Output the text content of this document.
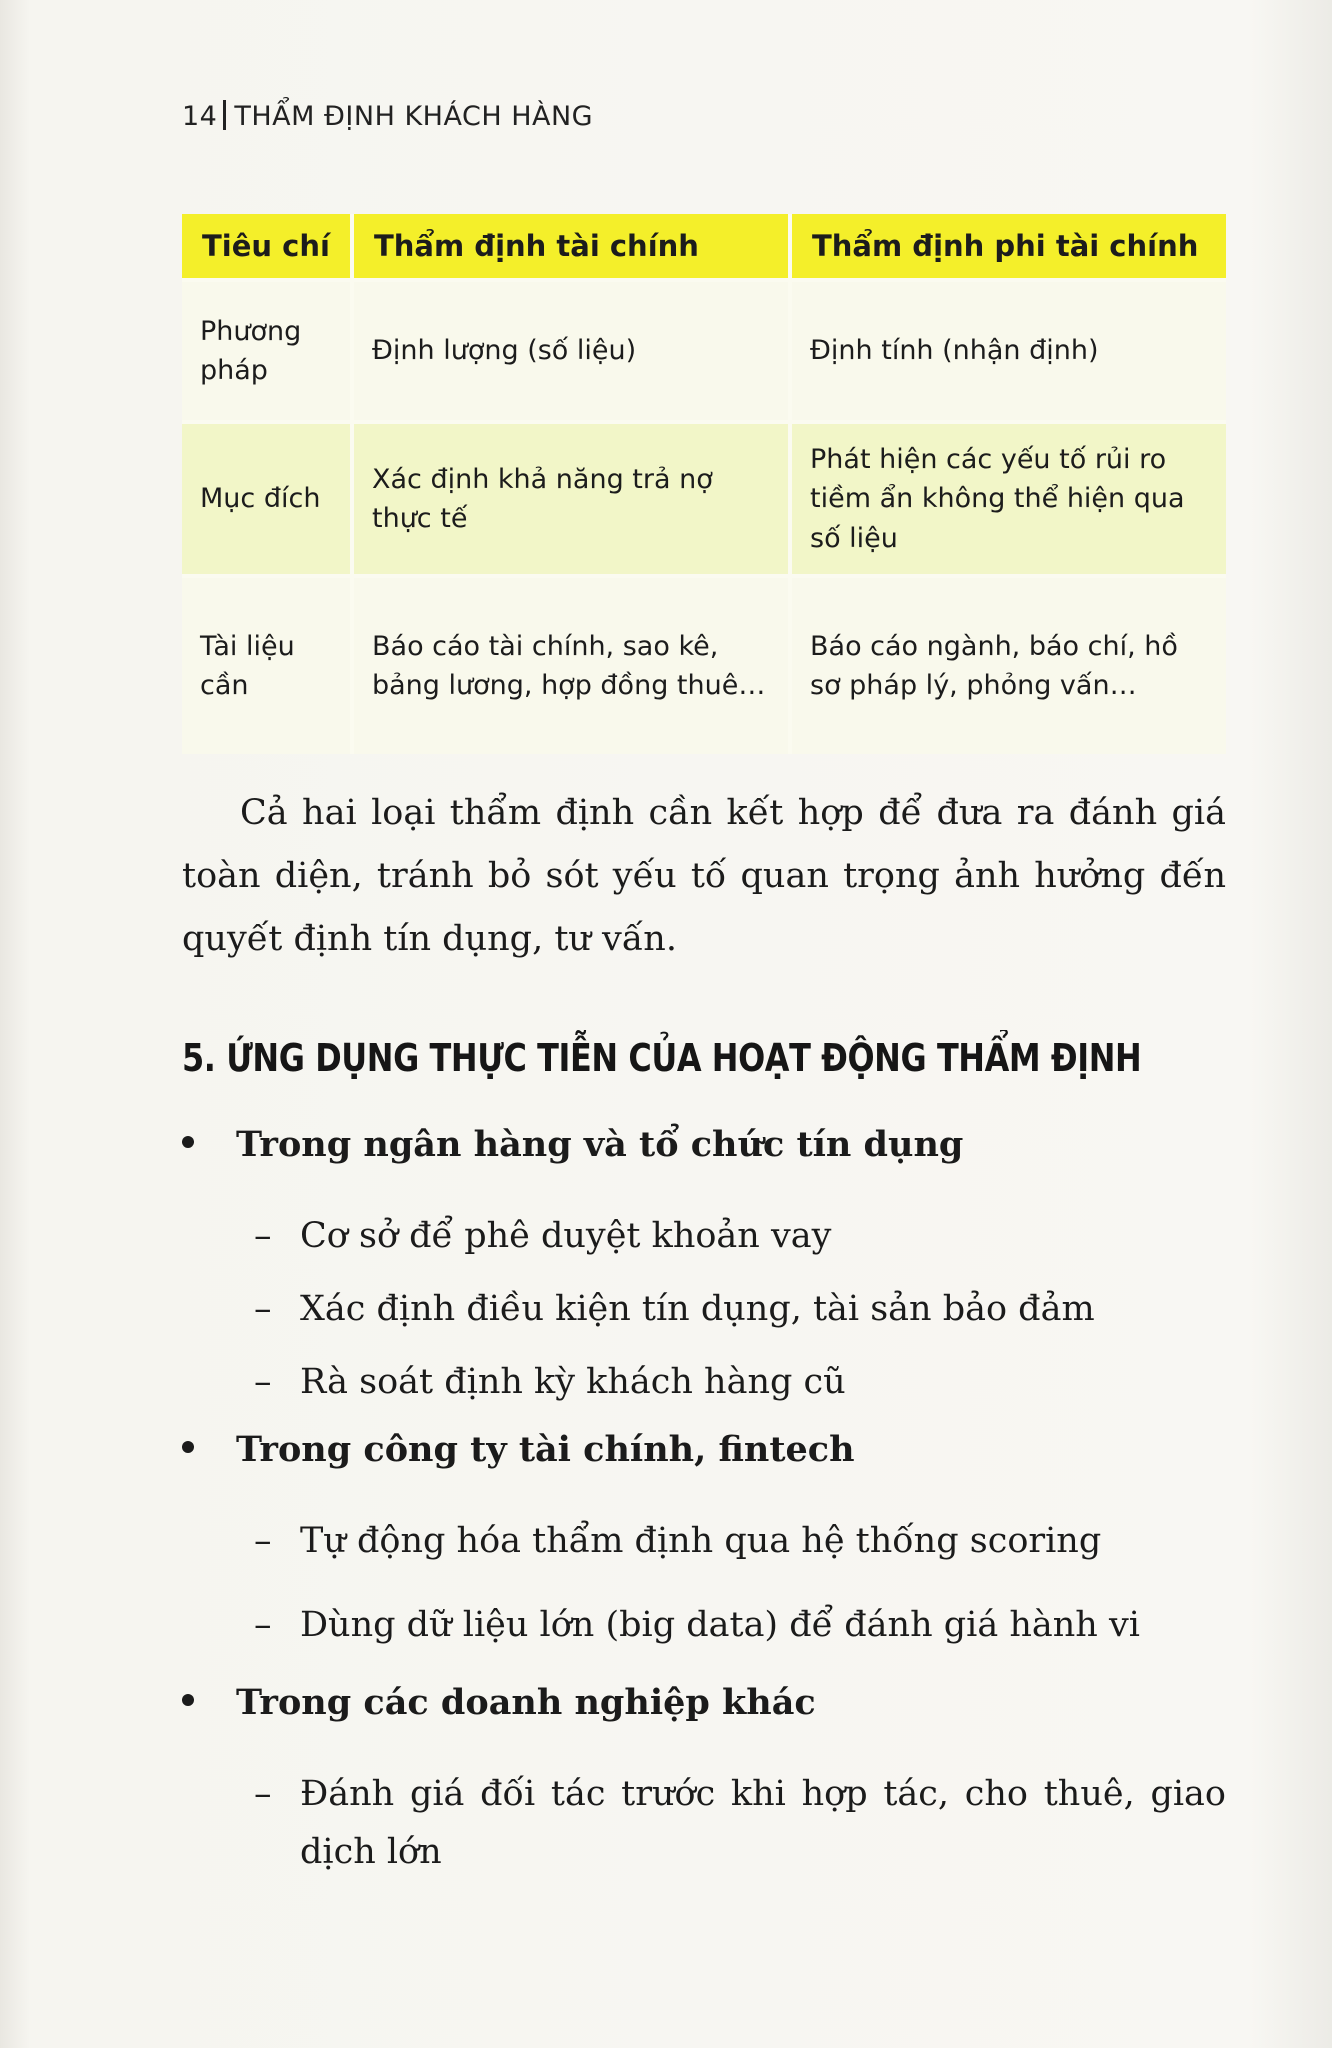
14 THẨM ĐỊNH KHÁCH HÀNG
Tiêu chí	Thẩm định tài chính	Thẩm định phi tài chính
Phương pháp	Định lượng (số liệu)	Định tính (nhận định)
Mục đích	Xác định khả năng trả nợ thực tế	Phát hiện các yếu tố rủi ro tiềm ẩn không thể hiện qua số liệu
Tài liệu cần	Báo cáo tài chính, sao kê, bảng lương, hợp đồng thuê…	Báo cáo ngành, báo chí, hồ sơ pháp lý, phỏng vấn…
Cả hai loại thẩm định cần kết hợp để đưa ra đánh giá toàn diện, tránh bỏ sót yếu tố quan trọng ảnh hưởng đến quyết định tín dụng, tư vấn.
5. ỨNG DỤNG THỰC TIỄN CỦA HOẠT ĐỘNG THẨM ĐỊNH
Trong ngân hàng và tổ chức tín dụng
– Cơ sở để phê duyệt khoản vay
– Xác định điều kiện tín dụng, tài sản bảo đảm
– Rà soát định kỳ khách hàng cũ
Trong công ty tài chính, fintech
– Tự động hóa thẩm định qua hệ thống scoring
– Dùng dữ liệu lớn (big data) để đánh giá hành vi
Trong các doanh nghiệp khác
– Đánh giá đối tác trước khi hợp tác, cho thuê, giao dịch lớn
